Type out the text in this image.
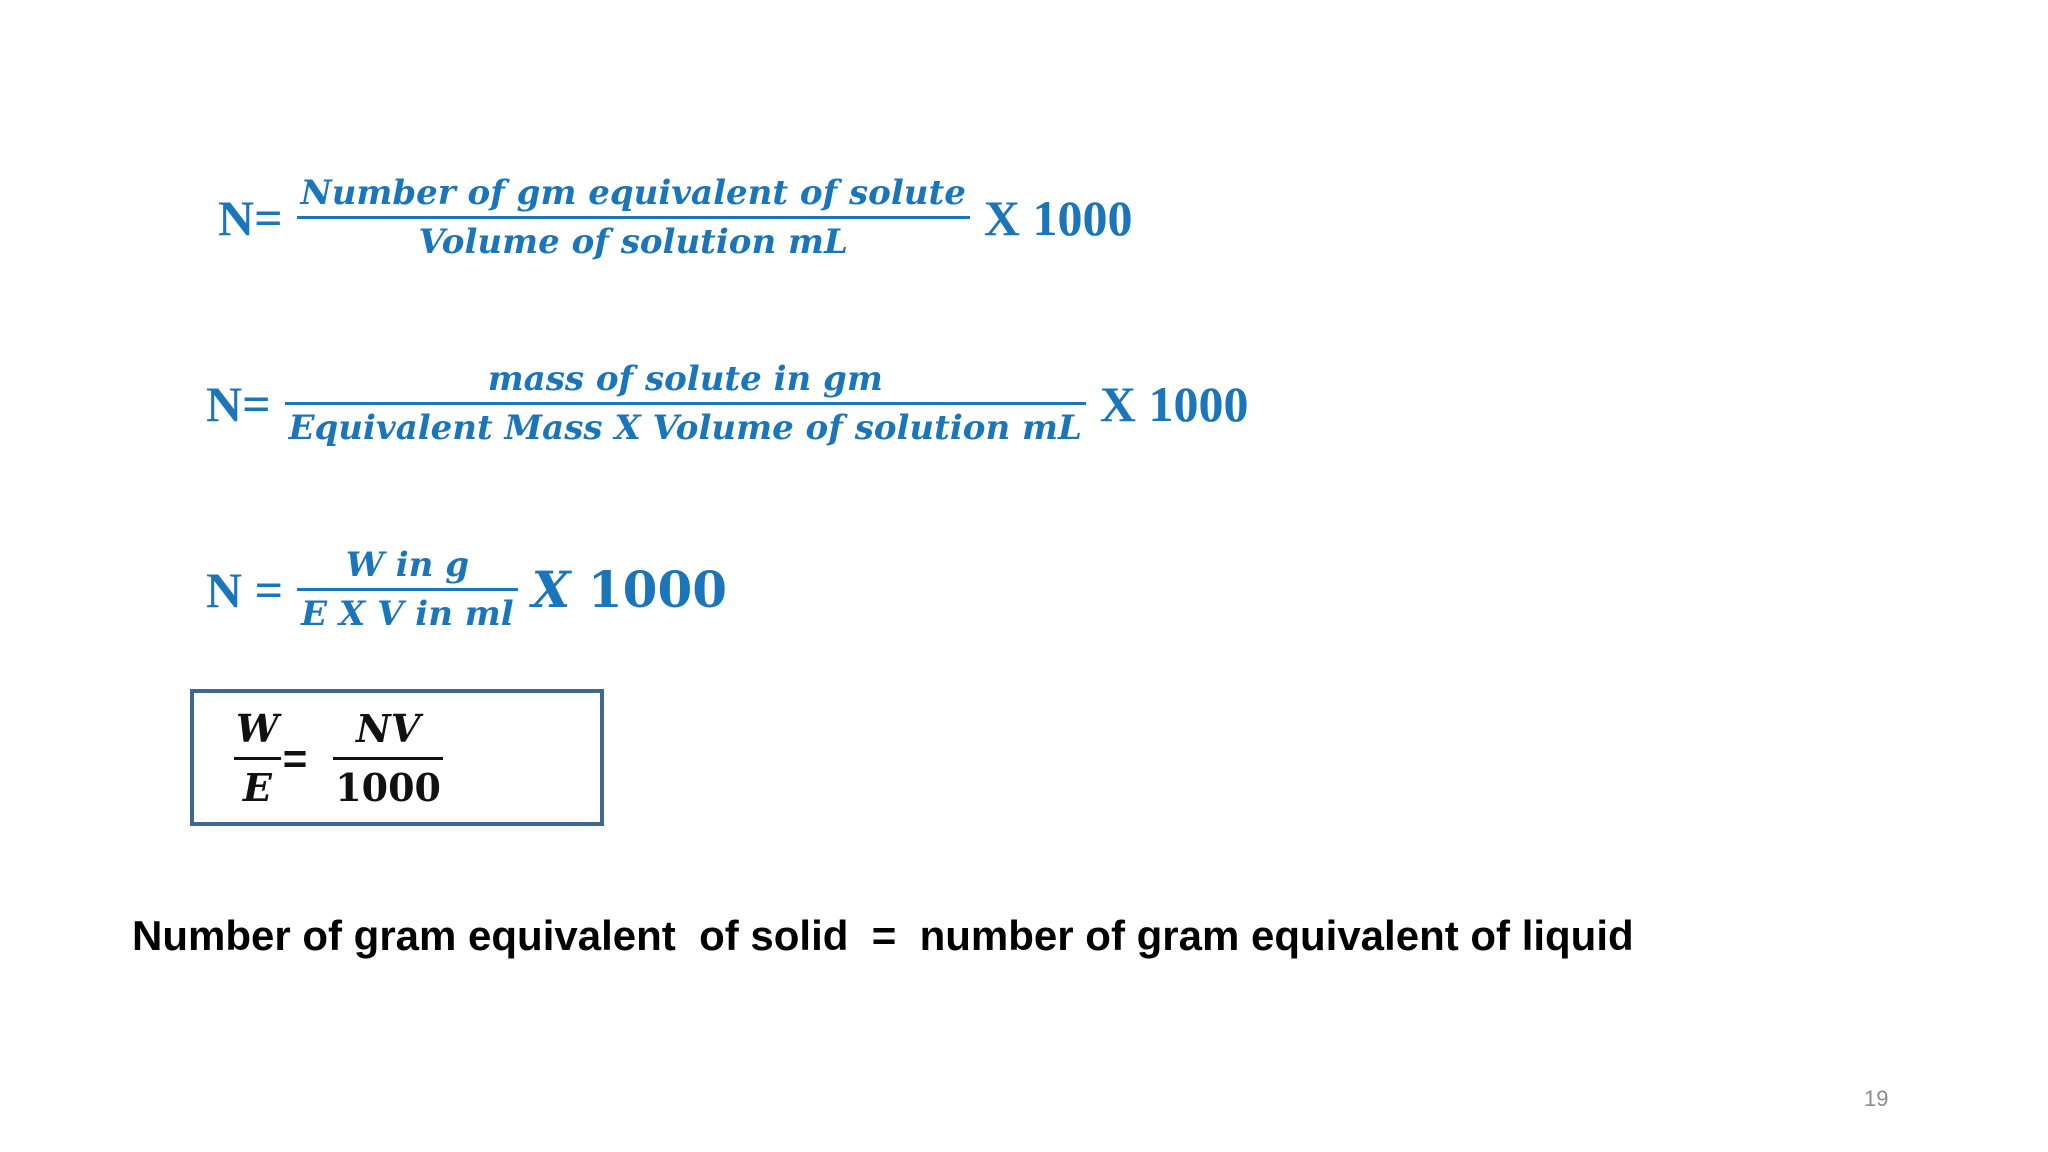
$N= \frac{\text{Number of gm equivalent of solute}}{\text{Volume of solution mL}}$ X 1000
$N= \frac{\text{mass of solute in gm}}{\text{Equivalent Mass X Volume of solution mL}}$ X 1000
$N = \frac{\text{W in g}}{\text{E X V in ml}}$ X 1000
$\frac{W}{E} = \frac{NV}{1000}$
Number of gram equivalent  of solid  =  number of gram equivalent of liquid
19
